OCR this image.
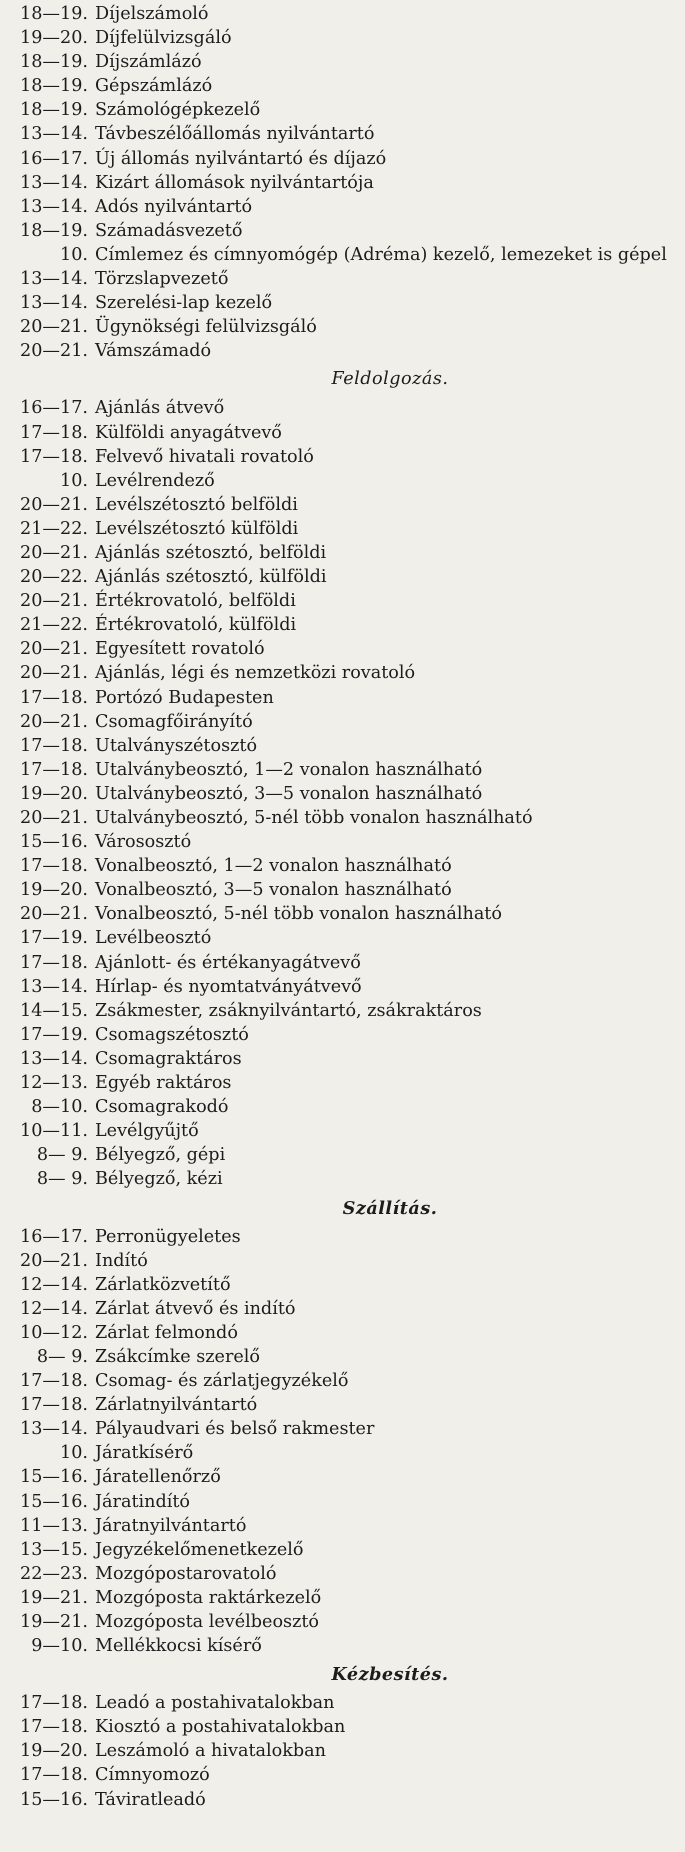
18—19. Díjelszámoló
19—20. Díjfelülvizsgáló
18—19. Díjszámlázó
18—19. Gépszámlázó
18—19. Számológépkezelő
13—14. Távbeszélőállomás nyilvántartó
16—17. Új állomás nyilvántartó és díjazó
13—14. Kizárt állomások nyilvántartója
13—14. Adós nyilvántartó
18—19. Számadásvezető
10. Címlemez és címnyomógép (Adréma) kezelő, lemezeket is gépel
13—14. Törzslapvezető
13—14. Szerelési-lap kezelő
20—21. Ügynökségi felülvizsgáló
20—21. Vámszámadó
Feldolgozás.
16—17. Ajánlás átvevő
17—18. Külföldi anyagátvevő
17—18. Felvevő hivatali rovatoló
10. Levélrendező
20—21. Levélszétosztó belföldi
21—22. Levélszétosztó külföldi
20—21. Ajánlás szétosztó, belföldi
20—22. Ajánlás szétosztó, külföldi
20—21. Értékrovatoló, belföldi
21—22. Értékrovatoló, külföldi
20—21. Egyesített rovatoló
20—21. Ajánlás, légi és nemzetközi rovatoló
17—18. Portózó Budapesten
20—21. Csomagfőirányító
17—18. Utalványszétosztó
17—18. Utalványbeosztó, 1—2 vonalon használható
19—20. Utalványbeosztó, 3—5 vonalon használható
20—21. Utalványbeosztó, 5-nél több vonalon használható
15—16. Várososztó
17—18. Vonalbeosztó, 1—2 vonalon használható
19—20. Vonalbeosztó, 3—5 vonalon használható
20—21. Vonalbeosztó, 5-nél több vonalon használható
17—19. Levélbeosztó
17—18. Ajánlott- és értékanyagátvevő
13—14. Hírlap- és nyomtatványátvevő
14—15. Zsákmester, zsáknyilvántartó, zsákraktáros
17—19. Csomagszétosztó
13—14. Csomagraktáros
12—13. Egyéb raktáros
8—10. Csomagrakodó
10—11. Levélgyűjtő
8— 9. Bélyegző, gépi
8— 9. Bélyegző, kézi
Szállítás.
16—17. Perronügyeletes
20—21. Indító
12—14. Zárlatközvetítő
12—14. Zárlat átvevő és indító
10—12. Zárlat felmondó
8— 9. Zsákcímke szerelő
17—18. Csomag- és zárlatjegyzékelő
17—18. Zárlatnyilvántartó
13—14. Pályaudvari és belső rakmester
10. Járatkísérő
15—16. Járatellenőrző
15—16. Járatindító
11—13. Járatnyilvántartó
13—15. Jegyzékelőmenetkezelő
22—23. Mozgópostarovatoló
19—21. Mozgóposta raktárkezelő
19—21. Mozgóposta levélbeosztó
9—10. Mellékkocsi kísérő
Kézbesítés.
17—18. Leadó a postahivatalokban
17—18. Kiosztó a postahivatalokban
19—20. Leszámoló a hivatalokban
17—18. Címnyomozó
15—16. Táviratleadó
